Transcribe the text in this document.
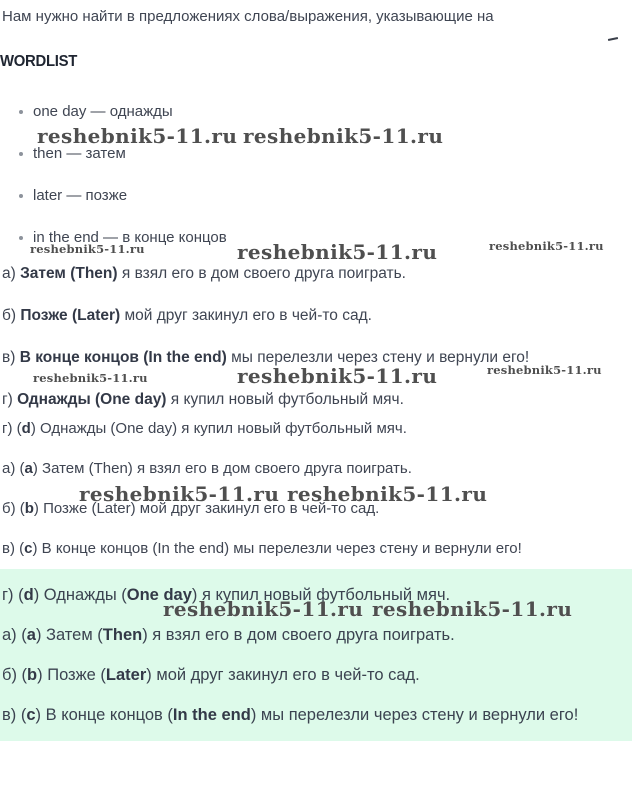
Нам нужно найти в предложениях слова/выражения, указывающие на

WORDLIST
one day — однажды
then — затем
later — позже
in the end — в конце концов

а) Затем (Then) я взял его в дом своего друга поиграть.

б) Позже (Later) мой друг закинул его в чей-то сад.

в) В конце концов (In the end) мы перелезли через стену и вернули его!

г) Однажды (One day) я купил новый футбольный мяч.

г) (d) Однажды (One day) я купил новый футбольный мяч.

а) (a) Затем (Then) я взял его в дом своего друга поиграть.

б) (b) Позже (Later) мой друг закинул его в чей-то сад.

в) (c) В конце концов (In the end) мы перелезли через стену и вернули его!

г) (d) Однажды (One day) я купил новый футбольный мяч.

а) (a) Затем (Then) я взял его в дом своего друга поиграть.

б) (b) Позже (Later) мой друг закинул его в чей-то сад.

в) (c) В конце концов (In the end) мы перелезли через стену и вернули его!

reshebnik5-11.ru reshebnik5-11.ru
reshebnik5-11.ru	reshebnik5-11.ru	reshebnik5-11.ru
reshebnik5-11.ru	reshebnik5-11.ru	reshebnik5-11.ru
reshebnik5-11.ru reshebnik5-11.ru
reshebnik5-11.ru reshebnik5-11.ru
